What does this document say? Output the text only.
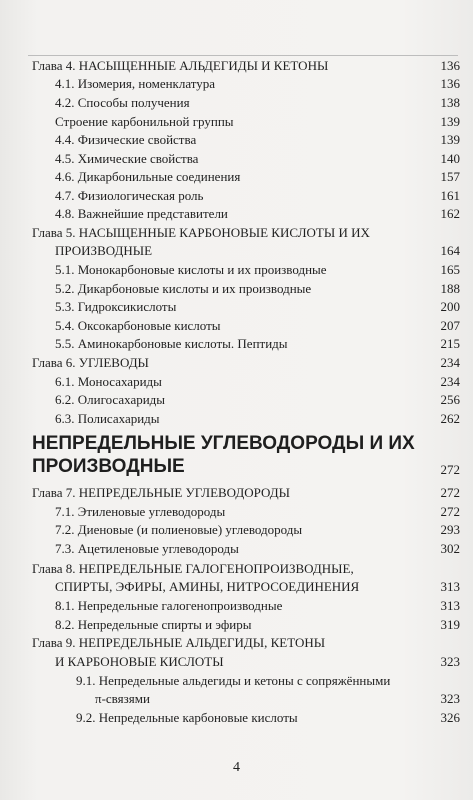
Глава 4. НАСЫЩЕННЫЕ АЛЬДЕГИДЫ И КЕТОНЫ	136
4.1. Изомерия, номенклатура	136
4.2. Способы получения	138
Строение карбонильной группы	139
4.4. Физические свойства	139
4.5. Химические свойства	140
4.6. Дикарбонильные соединения	157
4.7. Физиологическая роль	161
4.8. Важнейшие представители	162
Глава 5. НАСЫЩЕННЫЕ КАРБОНОВЫЕ КИСЛОТЫ И ИХ
ПРОИЗВОДНЫЕ	164
5.1. Монокарбоновые кислоты и их производные	165
5.2. Дикарбоновые кислоты и их производные	188
5.3. Гидроксикислоты	200
5.4. Оксокарбоновые кислоты	207
5.5. Аминокарбоновые кислоты. Пептиды	215
Глава 6. УГЛЕВОДЫ	234
6.1. Моносахариды	234
6.2. Олигосахариды	256
6.3. Полисахариды	262
НЕПРЕДЕЛЬНЫЕ УГЛЕВОДОРОДЫ И ИХ
ПРОИЗВОДНЫЕ	272
Глава 7. НЕПРЕДЕЛЬНЫЕ УГЛЕВОДОРОДЫ	272
7.1. Этиленовые углеводороды	272
7.2. Диеновые (и полиеновые) углеводороды	293
7.3. Ацетиленовые углеводороды	302
Глава 8. НЕПРЕДЕЛЬНЫЕ ГАЛОГЕНОПРОИЗВОДНЫЕ,
СПИРТЫ, ЭФИРЫ, АМИНЫ, НИТРОСОЕДИНЕНИЯ	313
8.1. Непредельные галогенопроизводные	313
8.2. Непредельные спирты и эфиры	319
Глава 9. НЕПРЕДЕЛЬНЫЕ АЛЬДЕГИДЫ, КЕТОНЫ
И КАРБОНОВЫЕ КИСЛОТЫ	323
9.1. Непредельные альдегиды и кетоны с сопряжёнными
π-связями	323
9.2. Непредельные карбоновые кислоты	326
4
